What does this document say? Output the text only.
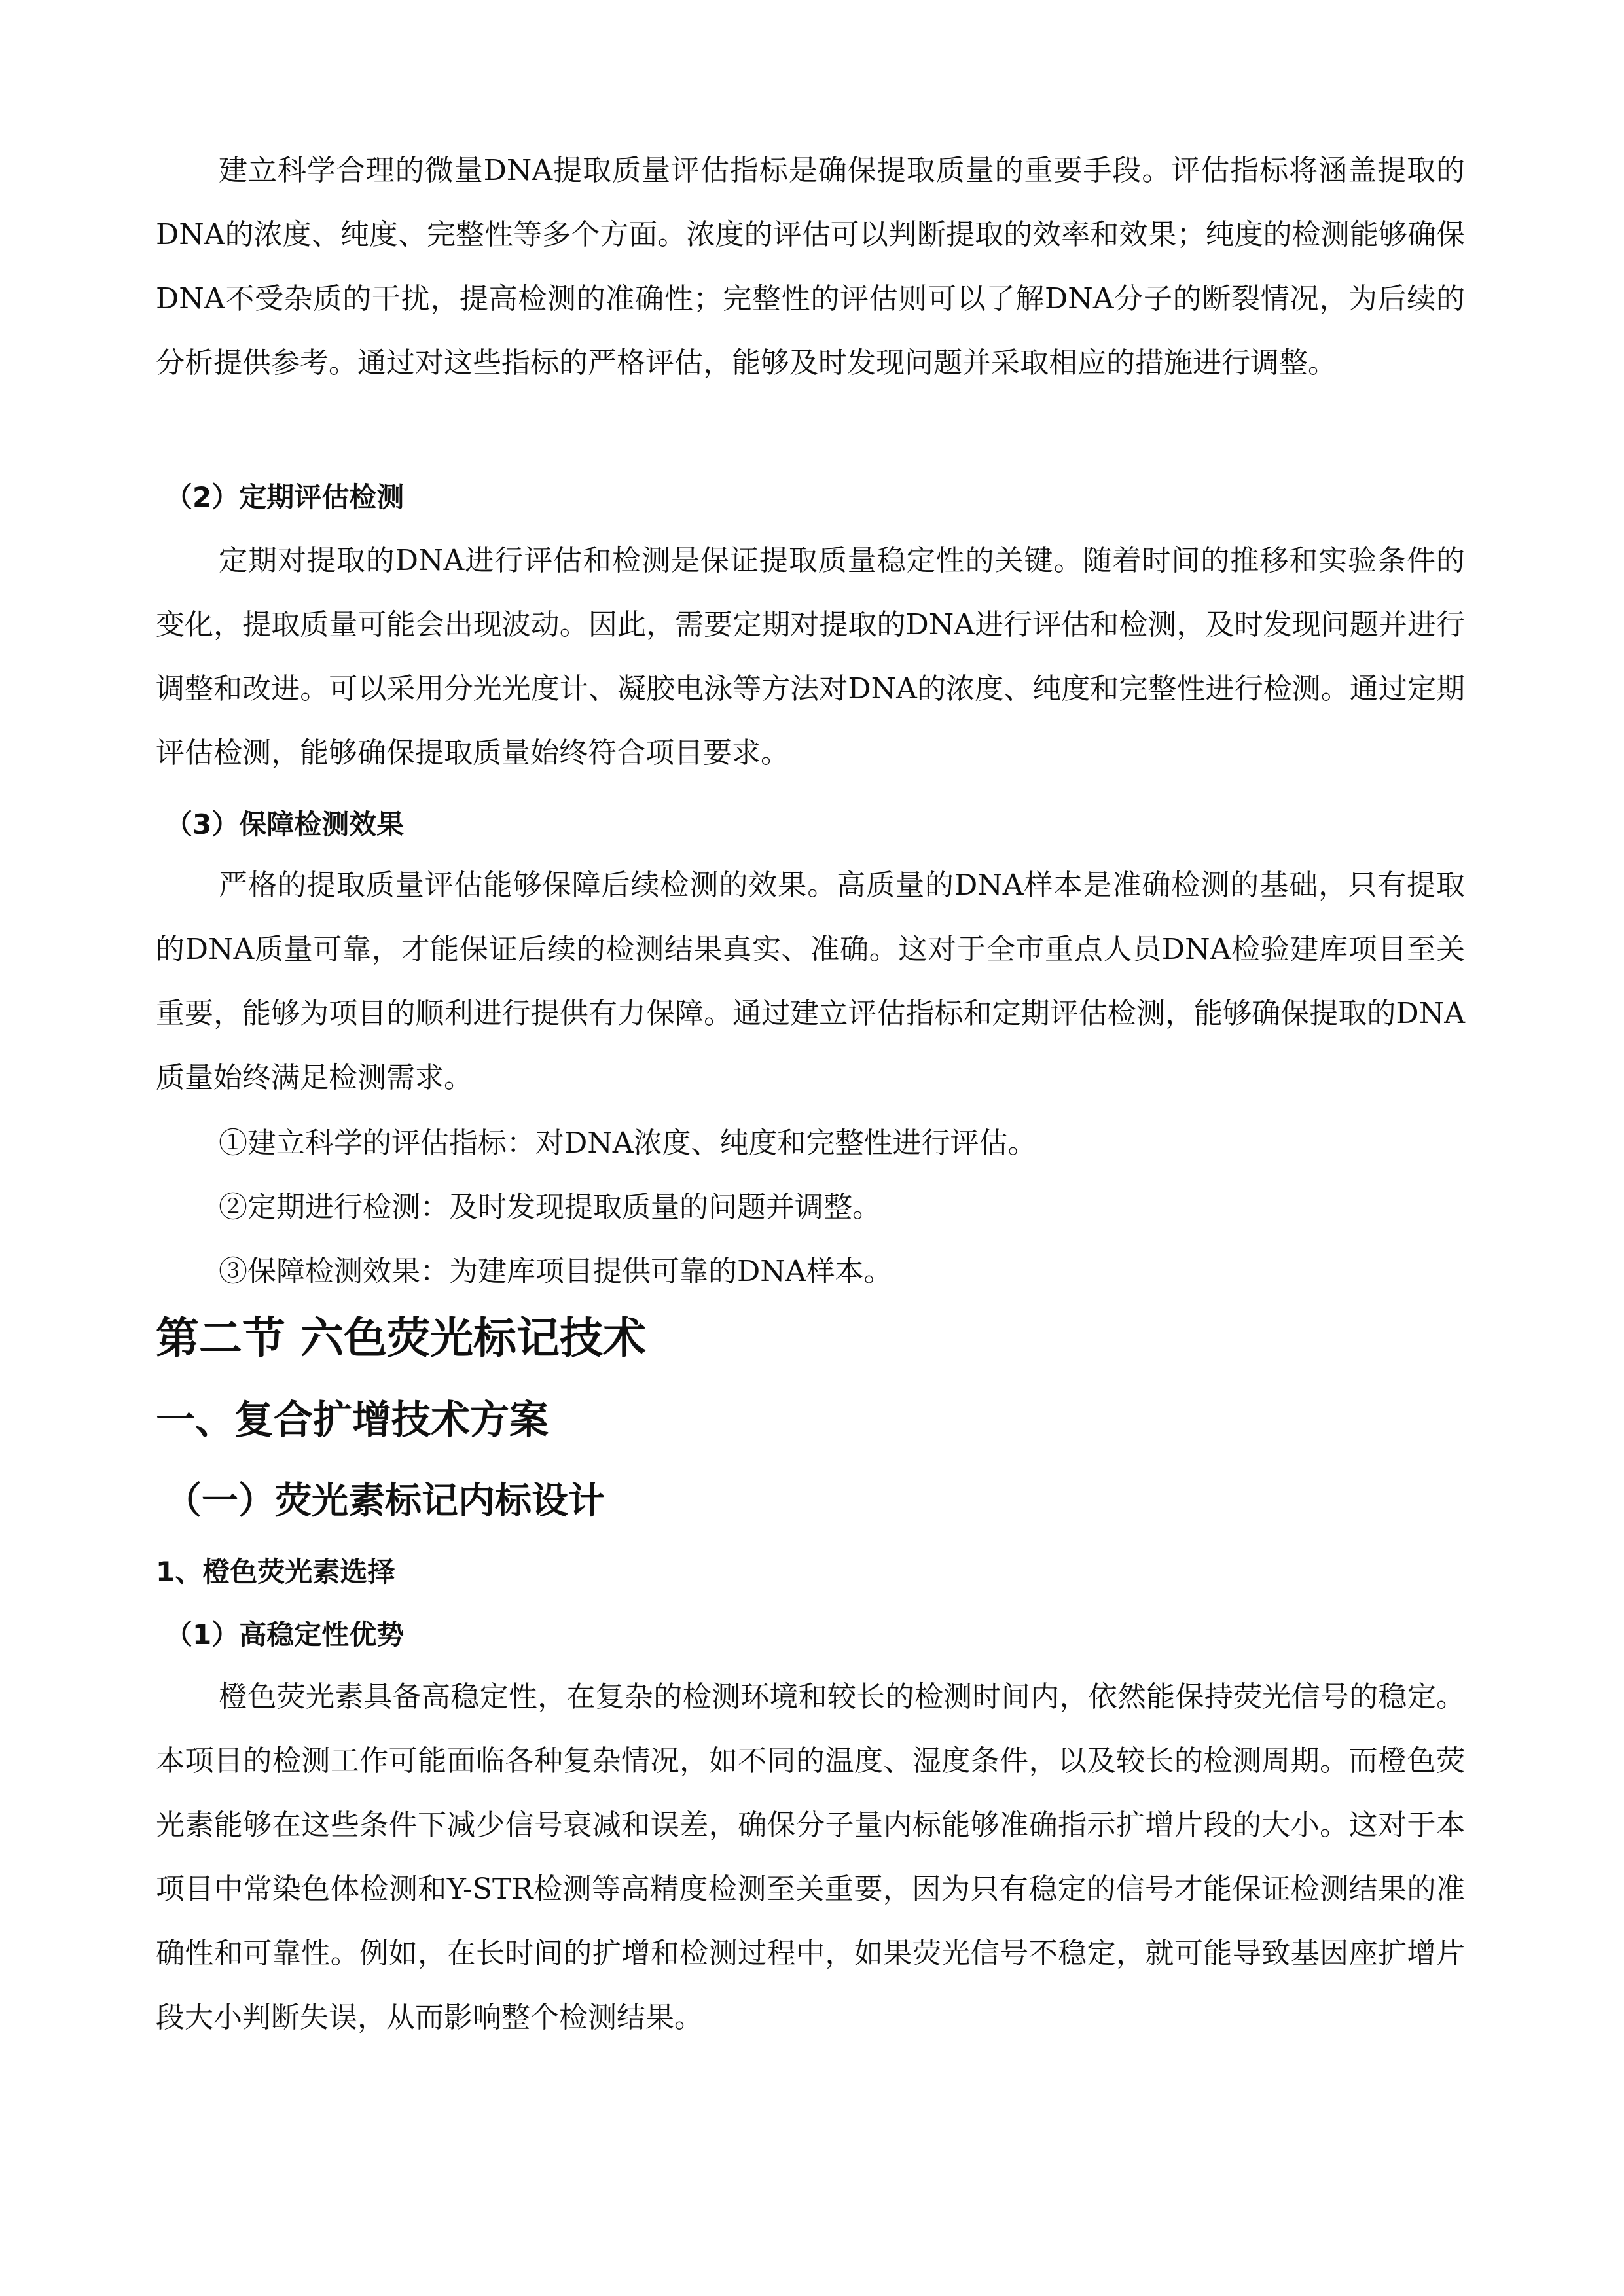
建立科学合理的微量DNA提取质量评估指标是确保提取质量的重要手段。评估指标将涵盖提取的DNA的浓度、纯度、完整性等多个方面。浓度的评估可以判断提取的效率和效果；纯度的检测能够确保DNA不受杂质的干扰，提高检测的准确性；完整性的评估则可以了解DNA分子的断裂情况，为后续的分析提供参考。通过对这些指标的严格评估，能够及时发现问题并采取相应的措施进行调整。

（2）定期评估检测

定期对提取的DNA进行评估和检测是保证提取质量稳定性的关键。随着时间的推移和实验条件的变化，提取质量可能会出现波动。因此，需要定期对提取的DNA进行评估和检测，及时发现问题并进行调整和改进。可以采用分光光度计、凝胶电泳等方法对DNA的浓度、纯度和完整性进行检测。通过定期评估检测，能够确保提取质量始终符合项目要求。

（3）保障检测效果

严格的提取质量评估能够保障后续检测的效果。高质量的DNA样本是准确检测的基础，只有提取的DNA质量可靠，才能保证后续的检测结果真实、准确。这对于全市重点人员DNA检验建库项目至关重要，能够为项目的顺利进行提供有力保障。通过建立评估指标和定期评估检测，能够确保提取的DNA质量始终满足检测需求。

①建立科学的评估指标：对DNA浓度、纯度和完整性进行评估。

②定期进行检测：及时发现提取质量的问题并调整。

③保障检测效果：为建库项目提供可靠的DNA样本。

第二节 六色荧光标记技术
一、复合扩增技术方案
（一）荧光素标记内标设计
1、橙色荧光素选择
（1）高稳定性优势

橙色荧光素具备高稳定性，在复杂的检测环境和较长的检测时间内，依然能保持荧光信号的稳定。本项目的检测工作可能面临各种复杂情况，如不同的温度、湿度条件，以及较长的检测周期。而橙色荧光素能够在这些条件下减少信号衰减和误差，确保分子量内标能够准确指示扩增片段的大小。这对于本项目中常染色体检测和Y-STR检测等高精度检测至关重要，因为只有稳定的信号才能保证检测结果的准确性和可靠性。例如，在长时间的扩增和检测过程中，如果荧光信号不稳定，就可能导致基因座扩增片段大小判断失误，从而影响整个检测结果。
